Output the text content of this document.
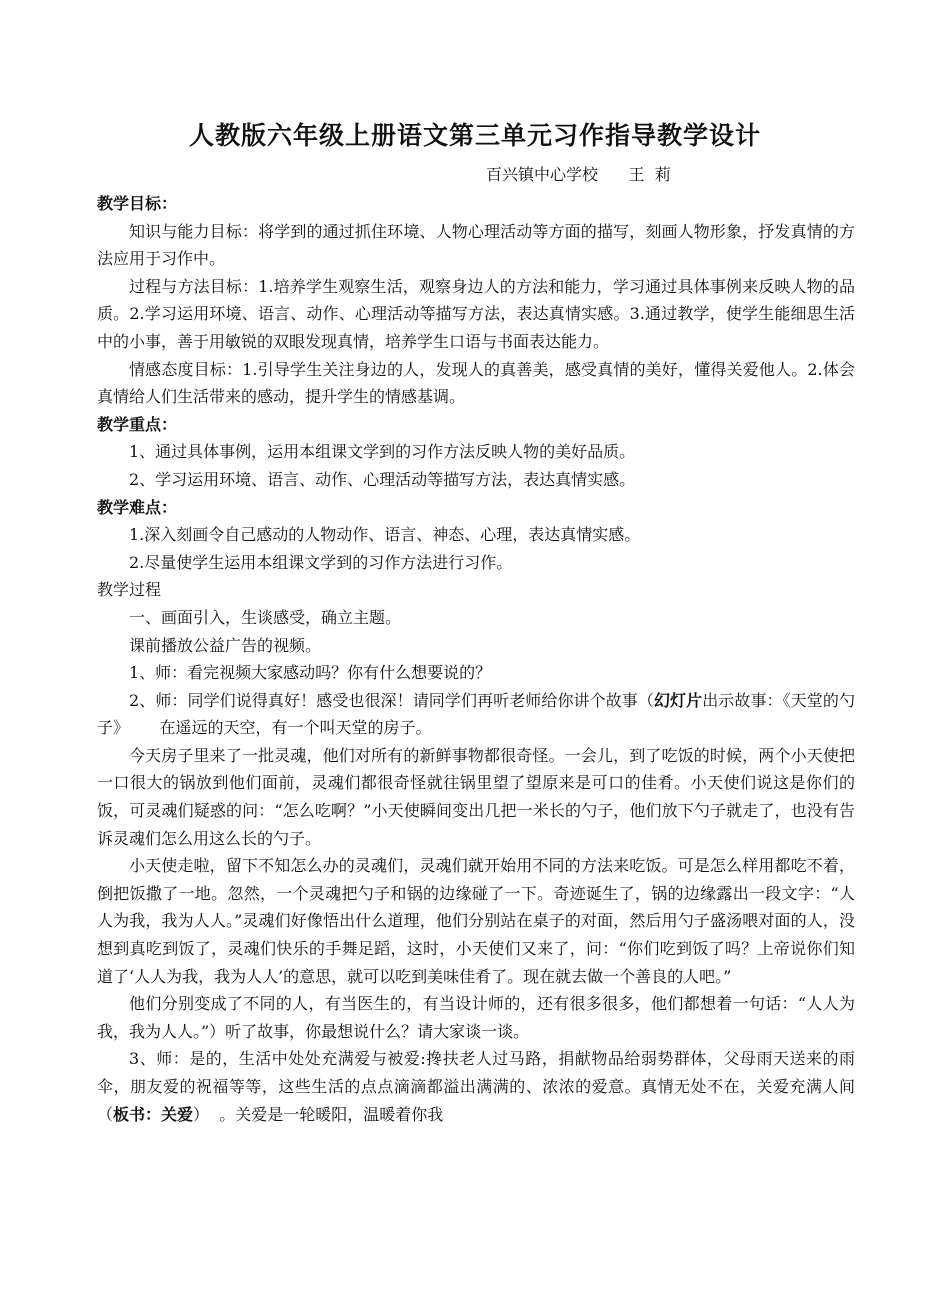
人教版六年级上册语文第三单元习作指导教学设计
百兴镇中心学校      王  莉

教学目标：

知识与能力目标：将学到的通过抓住环境、人物心理活动等方面的描写，刻画人物形象，抒发真情的方法应用于习作中。

过程与方法目标：1.培养学生观察生活，观察身边人的方法和能力，学习通过具体事例来反映人物的品质。2.学习运用环境、语言、动作、心理活动等描写方法，表达真情实感。3.通过教学，使学生能细思生活中的小事，善于用敏锐的双眼发现真情，培养学生口语与书面表达能力。

情感态度目标：1.引导学生关注身边的人，发现人的真善美，感受真情的美好，懂得关爱他人。2.体会真情给人们生活带来的感动，提升学生的情感基调。

教学重点：

1、通过具体事例，运用本组课文学到的习作方法反映人物的美好品质。

2、学习运用环境、语言、动作、心理活动等描写方法，表达真情实感。

教学难点：

1.深入刻画令自己感动的人物动作、语言、神态、心理，表达真情实感。

2.尽量使学生运用本组课文学到的习作方法进行习作。

教学过程

一、画面引入，生谈感受，确立主题。

课前播放公益广告的视频。

1、师：看完视频大家感动吗？你有什么想要说的？

2、师：同学们说得真好！感受也很深！请同学们再听老师给你讲个故事（幻灯片出示故事：《天堂的勺子》      在遥远的天空，有一个叫天堂的房子。

今天房子里来了一批灵魂，他们对所有的新鲜事物都很奇怪。一会儿，到了吃饭的时候，两个小天使把一口很大的锅放到他们面前，灵魂们都很奇怪就往锅里望了望原来是可口的佳肴。小天使们说这是你们的饭，可灵魂们疑惑的问：“怎么吃啊？”小天使瞬间变出几把一米长的勺子，他们放下勺子就走了，也没有告诉灵魂们怎么用这么长的勺子。

小天使走啦，留下不知怎么办的灵魂们，灵魂们就开始用不同的方法来吃饭。可是怎么样用都吃不着，倒把饭撒了一地。忽然，一个灵魂把勺子和锅的边缘碰了一下。奇迹诞生了，锅的边缘露出一段文字：“人人为我，我为人人。”灵魂们好像悟出什么道理，他们分别站在桌子的对面，然后用勺子盛汤喂对面的人，没想到真吃到饭了，灵魂们快乐的手舞足蹈，这时，小天使们又来了，问：“你们吃到饭了吗？上帝说你们知道了‘人人为我，我为人人’的意思，就可以吃到美味佳肴了。现在就去做一个善良的人吧。”

他们分别变成了不同的人，有当医生的，有当设计师的，还有很多很多，他们都想着一句话：“人人为我，我为人人。”）听了故事，你最想说什么？请大家谈一谈。

3、师：是的，生活中处处充满爱与被爱:搀扶老人过马路，捐献物品给弱势群体，父母雨天送来的雨伞，朋友爱的祝福等等，这些生活的点点滴滴都溢出满满的、浓浓的爱意。真情无处不在，关爱充满人间（板书：关爱）  。关爱是一轮暖阳，温暖着你我
